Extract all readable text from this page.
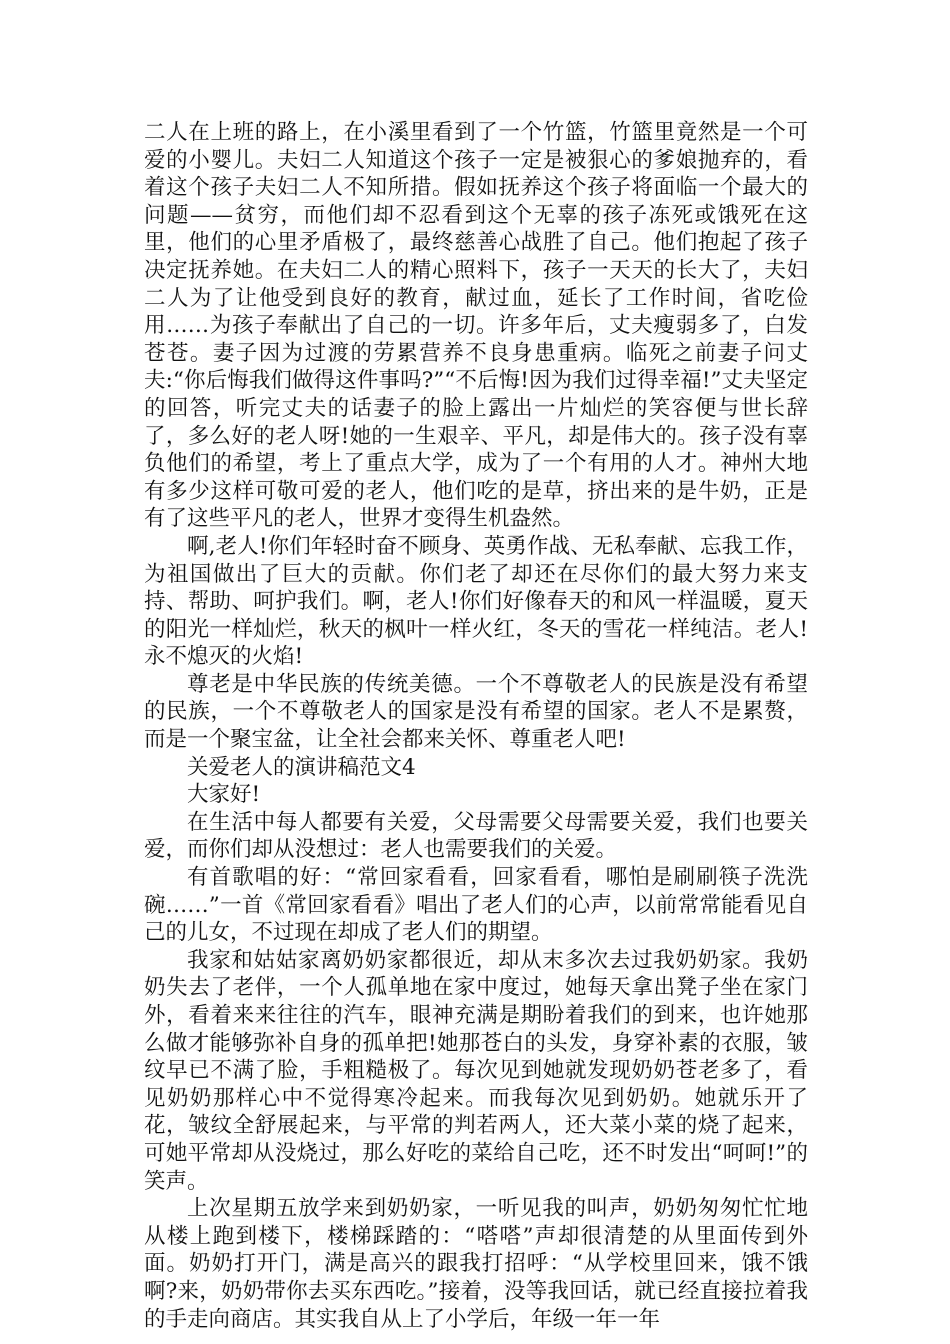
二人在上班的路上，在小溪里看到了一个竹篮，竹篮里竟然是一个可爱的小婴儿。夫妇二人知道这个孩子一定是被狠心的爹娘抛弃的，看着这个孩子夫妇二人不知所措。假如抚养这个孩子将面临一个最大的问题——贫穷，而他们却不忍看到这个无辜的孩子冻死或饿死在这里，他们的心里矛盾极了，最终慈善心战胜了自己。他们抱起了孩子决定抚养她。在夫妇二人的精心照料下，孩子一天天的长大了，夫妇二人为了让他受到良好的教育，献过血，延长了工作时间，省吃俭用……为孩子奉献出了自己的一切。许多年后，丈夫瘦弱多了，白发苍苍。妻子因为过渡的劳累营养不良身患重病。临死之前妻子问丈夫:“你后悔我们做得这件事吗?”“不后悔!因为我们过得幸福!”丈夫坚定的回答，听完丈夫的话妻子的脸上露出一片灿烂的笑容便与世长辞了，多么好的老人呀!她的一生艰辛、平凡，却是伟大的。孩子没有辜负他们的希望，考上了重点大学，成为了一个有用的人才。神州大地有多少这样可敬可爱的老人，他们吃的是草，挤出来的是牛奶，正是有了这些平凡的老人，世界才变得生机盎然。

啊,老人!你们年轻时奋不顾身、英勇作战、无私奉献、忘我工作，为祖国做出了巨大的贡献。你们老了却还在尽你们的最大努力来支持、帮助、呵护我们。啊，老人!你们好像春天的和风一样温暖，夏天的阳光一样灿烂，秋天的枫叶一样火红，冬天的雪花一样纯洁。老人!永不熄灭的火焰!

尊老是中华民族的传统美德。一个不尊敬老人的民族是没有希望的民族，一个不尊敬老人的国家是没有希望的国家。老人不是累赘，而是一个聚宝盆，让全社会都来关怀、尊重老人吧!

关爱老人的演讲稿范文4

大家好!

在生活中每人都要有关爱，父母需要父母需要关爱，我们也要关爱，而你们却从没想过：老人也需要我们的关爱。

有首歌唱的好：“常回家看看，回家看看，哪怕是刷刷筷子洗洗碗……”一首《常回家看看》唱出了老人们的心声，以前常常能看见自己的儿女，不过现在却成了老人们的期望。

我家和姑姑家离奶奶家都很近，却从末多次去过我奶奶家。我奶奶失去了老伴，一个人孤单地在家中度过，她每天拿出凳子坐在家门外，看着来来往往的汽车，眼神充满是期盼着我们的到来，也许她那么做才能够弥补自身的孤单把!她那苍白的头发，身穿补素的衣服，皱纹早已不满了脸，手粗糙极了。每次见到她就发现奶奶苍老多了，看见奶奶那样心中不觉得寒冷起来。而我每次见到奶奶。她就乐开了花，皱纹全舒展起来，与平常的判若两人，还大菜小菜的烧了起来，可她平常却从没烧过，那么好吃的菜给自己吃，还不时发出“呵呵!”的笑声。

上次星期五放学来到奶奶家，一听见我的叫声，奶奶匆匆忙忙地从楼上跑到楼下，楼梯踩踏的：“嗒嗒”声却很清楚的从里面传到外面。奶奶打开门，满是高兴的跟我打招呼：“从学校里回来，饿不饿啊?来，奶奶带你去买东西吃。”接着，没等我回话，就已经直接拉着我的手走向商店。其实我自从上了小学后，年级一年一年
